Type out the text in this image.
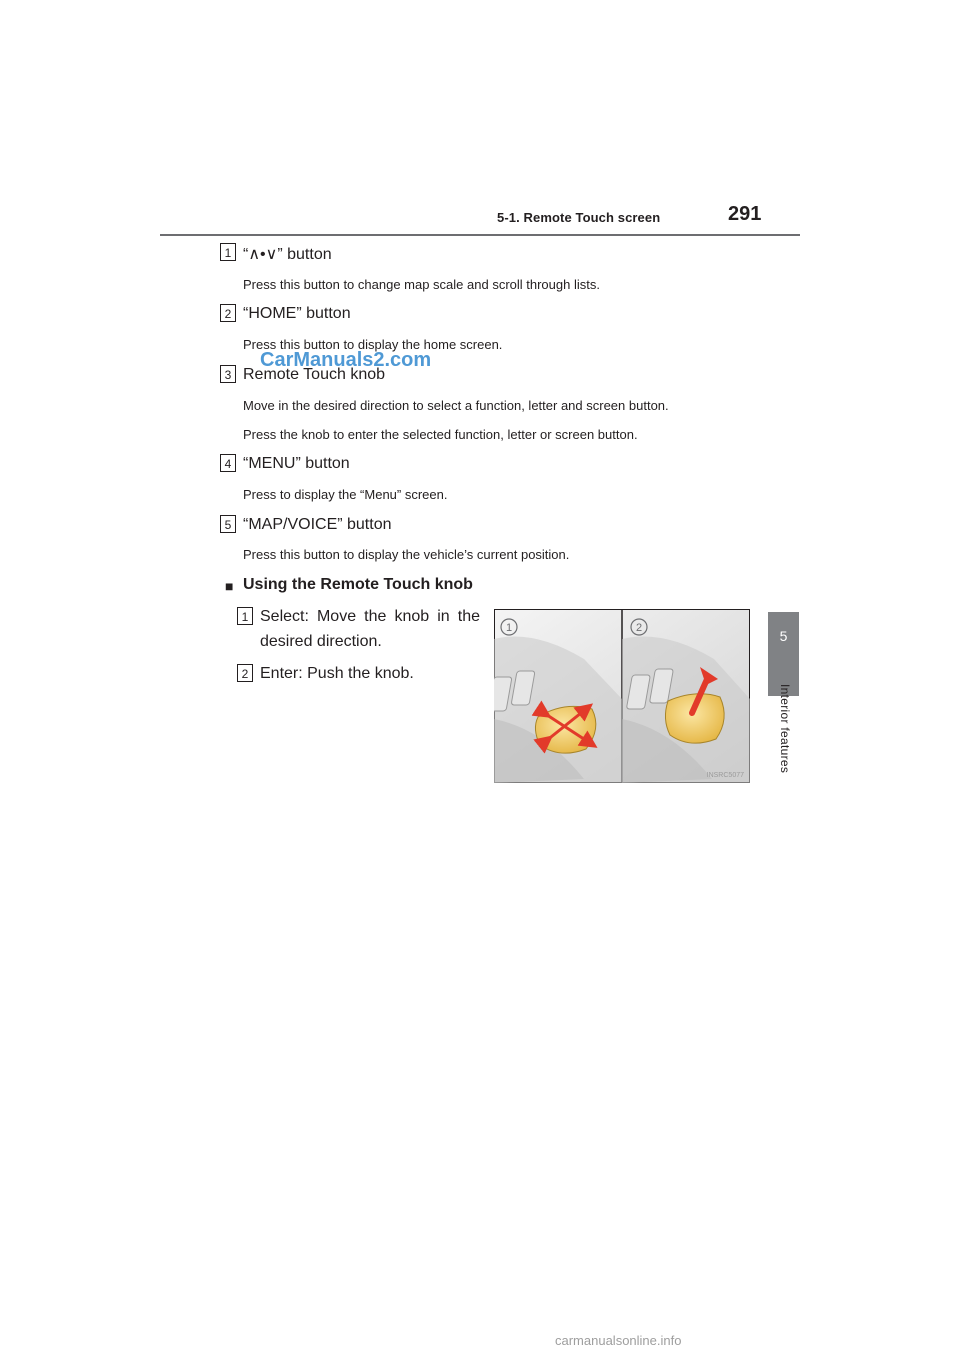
5-1. Remote Touch screen	291
5
Interior features
1 “∧•∨” button
Press this button to change map scale and scroll through lists.
2 “HOME” button
Press this button to display the home screen.
3 Remote Touch knob
Move in the desired direction to select a function, letter and screen button.
Press the knob to enter the selected function, letter or screen button.
CarManuals2.com
4 “MENU” button
Press to display the “Menu” screen.
5 “MAP/VOICE” button
Press this button to display the vehicle’s current position.
■ Using the Remote Touch knob
1 Select: Move the knob in the
desired direction.
2 Enter: Push the knob.
1	2
INSRC5077
carmanualsonline.info
